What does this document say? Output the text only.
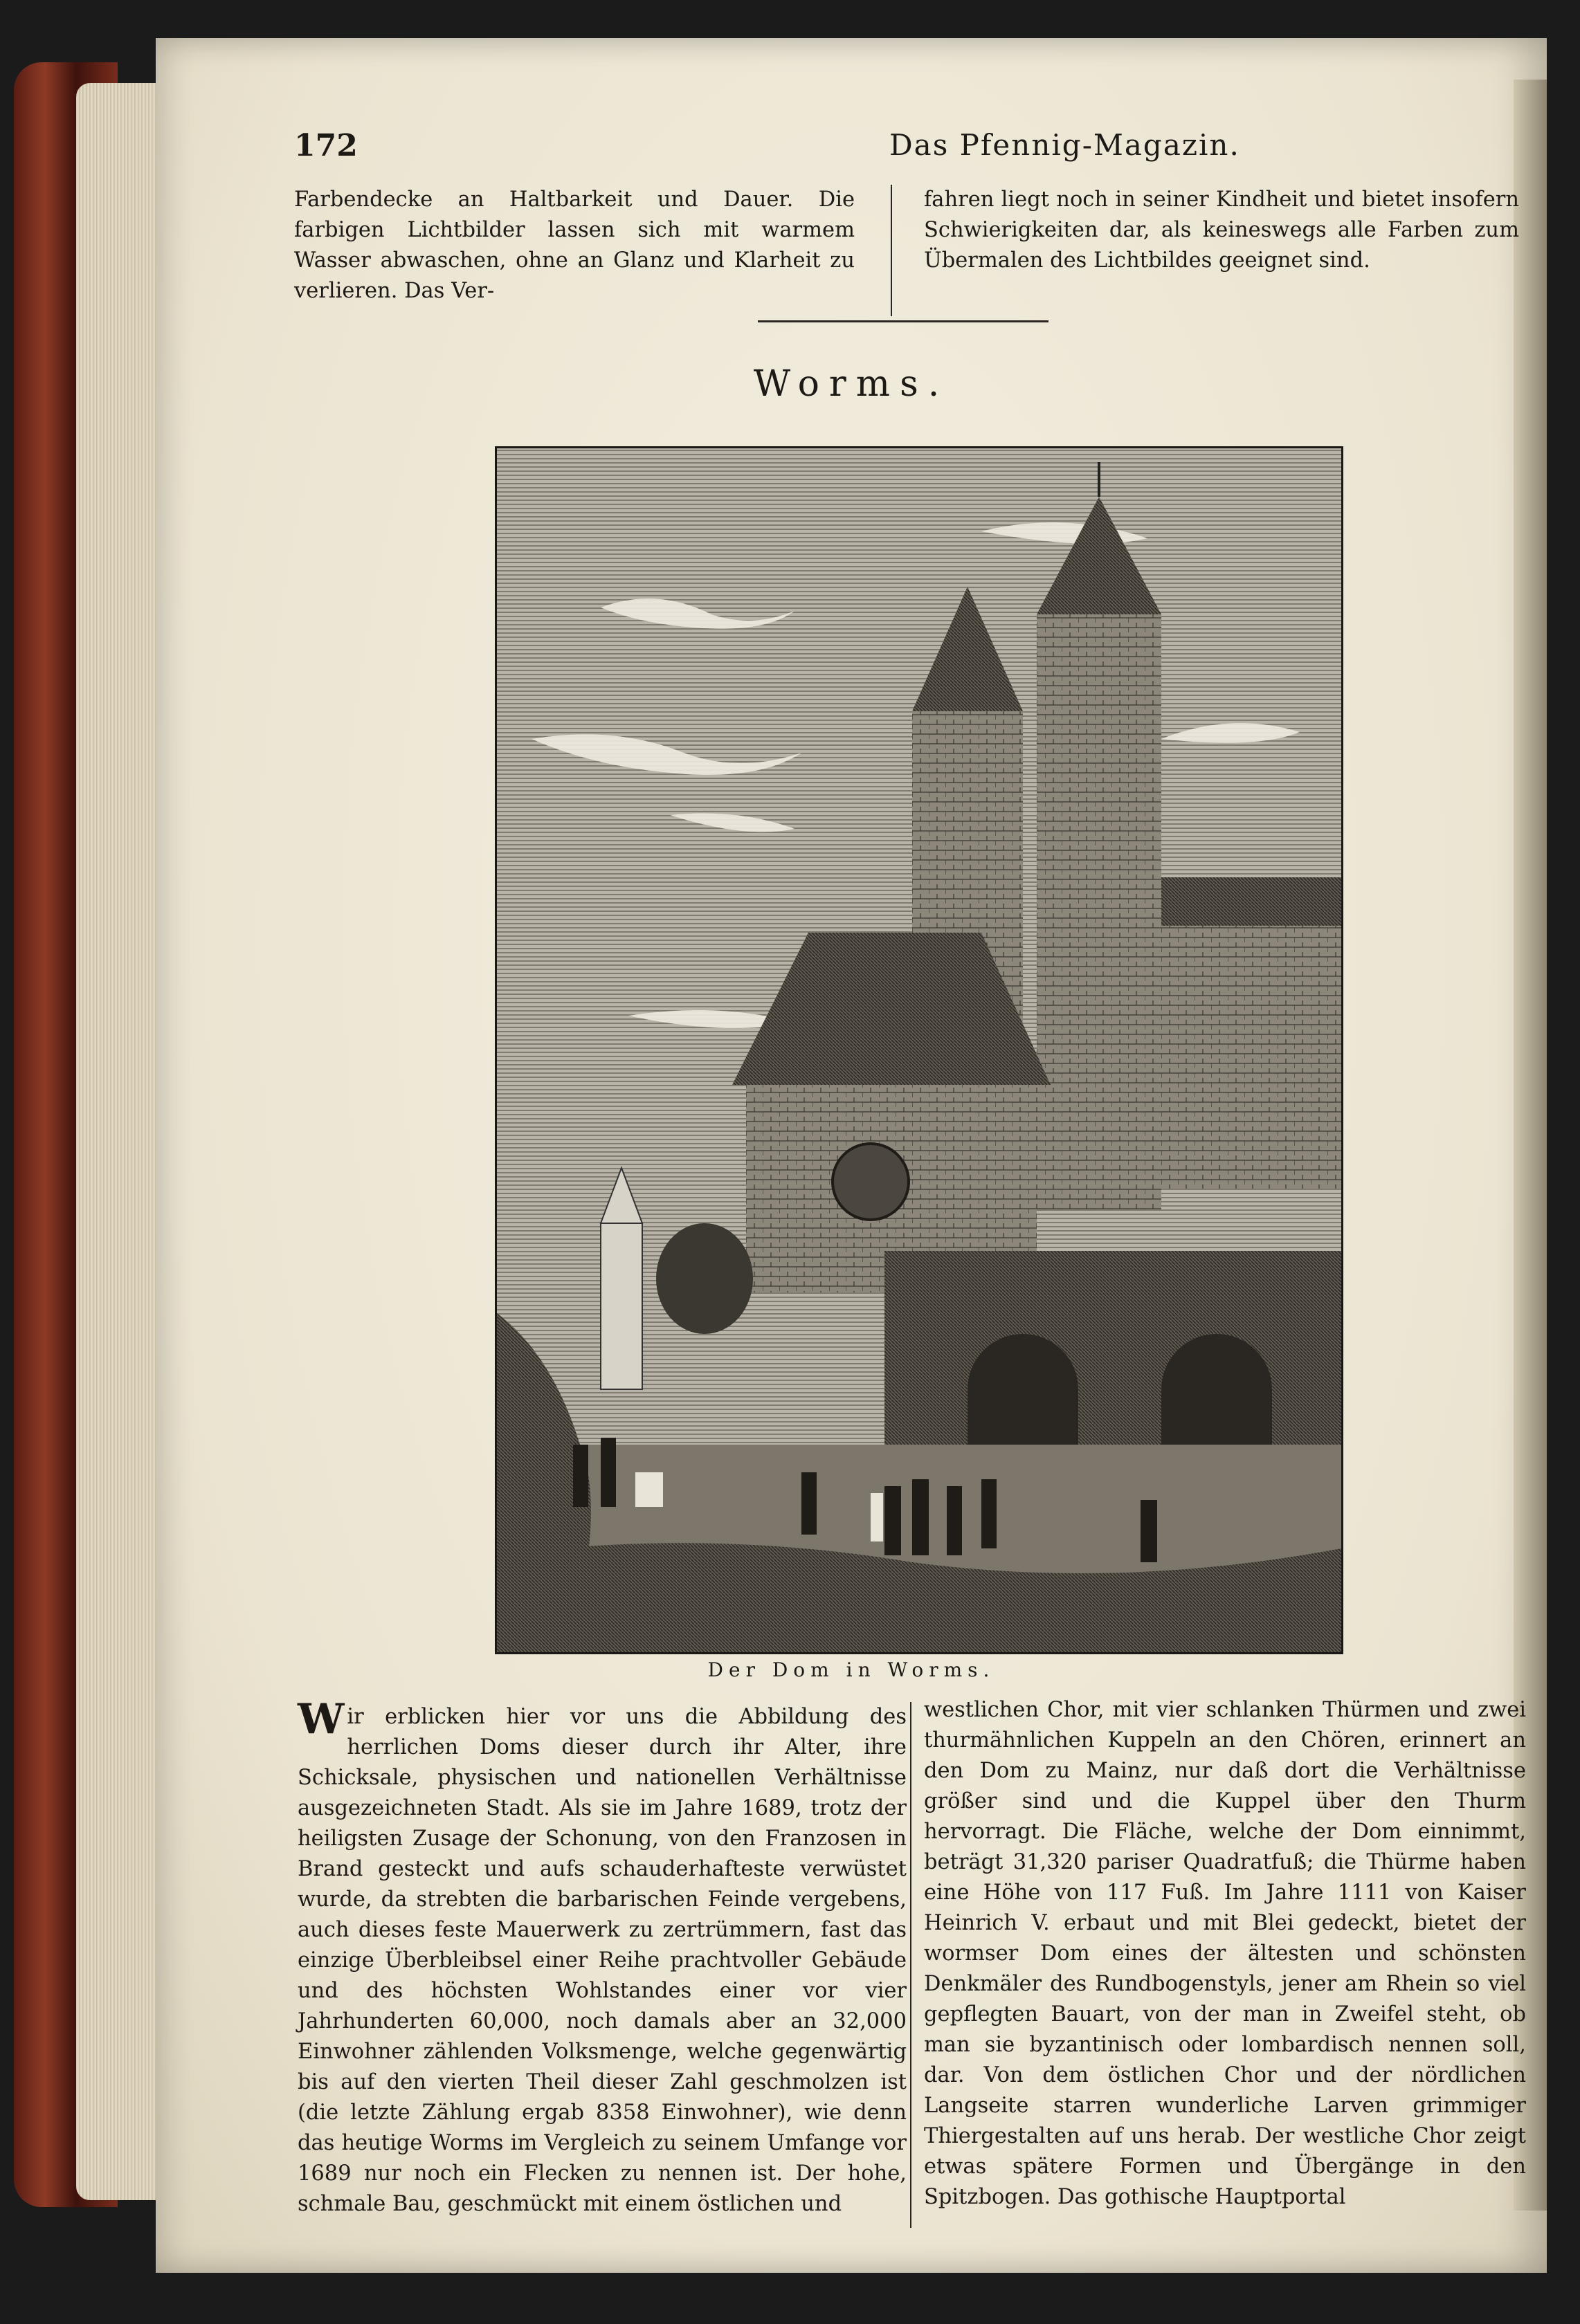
172	Das Pfennig-Magazin.

Farbendecke an Haltbarkeit und Dauer. Die farbigen Lichtbilder lassen sich mit warmem Wasser abwaschen, ohne an Glanz und Klarheit zu verlieren. Das Ver-

fahren liegt noch in seiner Kindheit und bietet insofern Schwierigkeiten dar, als keineswegs alle Farben zum Übermalen des Lichtbildes geeignet sind.

Worms.
Der Dom in Worms.

Wir erblicken hier vor uns die Abbildung des herrlichen Doms dieser durch ihr Alter, ihre Schicksale, physischen und nationellen Verhältnisse ausgezeichneten Stadt. Als sie im Jahre 1689, trotz der heiligsten Zusage der Schonung, von den Franzosen in Brand gesteckt und aufs schauderhafteste verwüstet wurde, da strebten die barbarischen Feinde vergebens, auch dieses feste Mauerwerk zu zertrümmern, fast das einzige Überbleibsel einer Reihe prachtvoller Gebäude und des höchsten Wohlstandes einer vor vier Jahrhunderten 60,000, noch damals aber an 32,000 Einwohner zählenden Volksmenge, welche gegenwärtig bis auf den vierten Theil dieser Zahl geschmolzen ist (die letzte Zählung ergab 8358 Einwohner), wie denn das heutige Worms im Vergleich zu seinem Umfange vor 1689 nur noch ein Flecken zu nennen ist. Der hohe, schmale Bau, geschmückt mit einem östlichen und

westlichen Chor, mit vier schlanken Thürmen und zwei thurmähnlichen Kuppeln an den Chören, erinnert an den Dom zu Mainz, nur daß dort die Verhältnisse größer sind und die Kuppel über den Thurm hervorragt. Die Fläche, welche der Dom einnimmt, beträgt 31,320 pariser Quadratfuß; die Thürme haben eine Höhe von 117 Fuß. Im Jahre 1111 von Kaiser Heinrich V. erbaut und mit Blei gedeckt, bietet der wormser Dom eines der ältesten und schönsten Denkmäler des Rundbogenstyls, jener am Rhein so viel gepflegten Bauart, von der man in Zweifel steht, ob man sie byzantinisch oder lombardisch nennen soll, dar. Von dem östlichen Chor und der nördlichen Langseite starren wunderliche Larven grimmiger Thiergestalten auf uns herab. Der westliche Chor zeigt etwas spätere Formen und Übergänge in den Spitzbogen. Das gothische Hauptportal
